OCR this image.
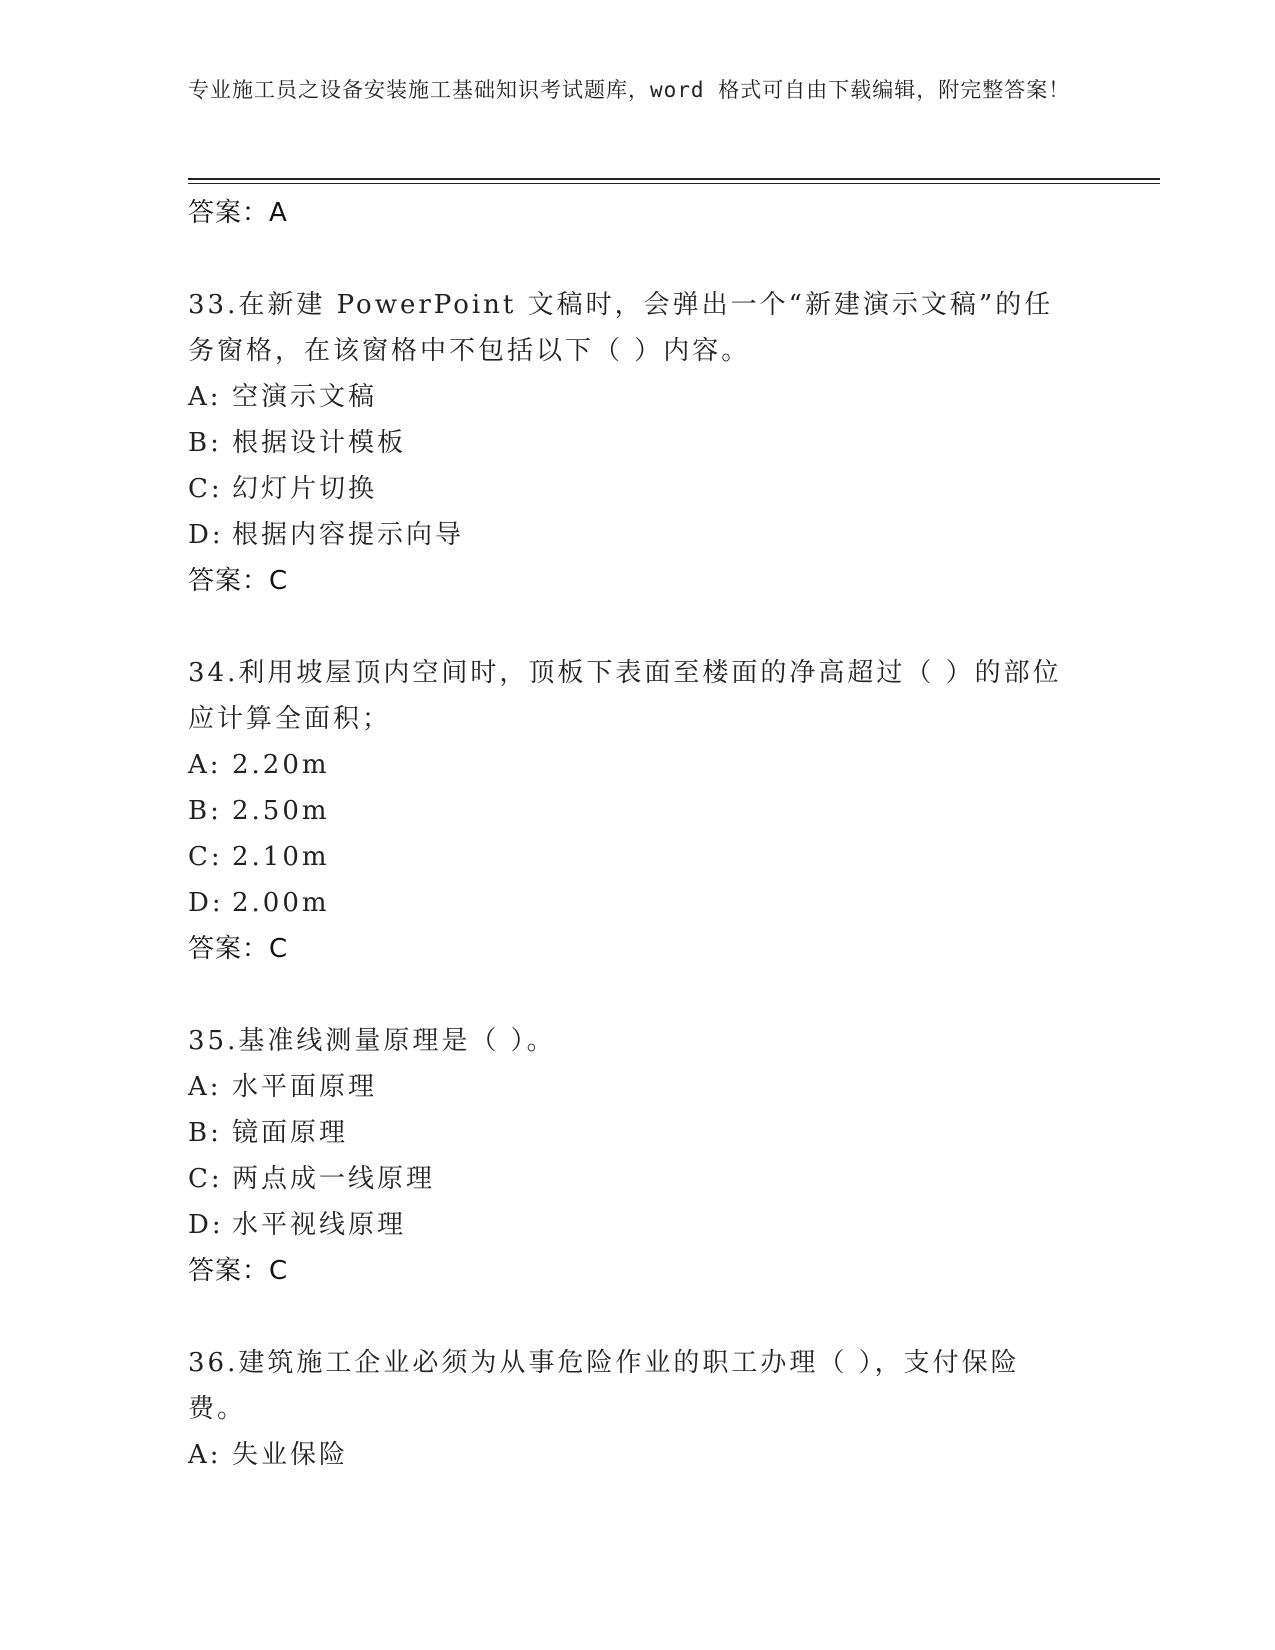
专业施工员之设备安装施工基础知识考试题库，word 格式可自由下载编辑，附完整答案！
答案：A
33.在新建 PowerPoint 文稿时，会弹出一个“新建演示文稿”的任务窗格，在该窗格中不包括以下（ ）内容。
A: 空演示文稿
B: 根据设计模板
C: 幻灯片切换
D: 根据内容提示向导
答案：C
34.利用坡屋顶内空间时，顶板下表面至楼面的净高超过（ ）的部位应计算全面积；
A: 2.20m
B: 2.50m
C: 2.10m
D: 2.00m
答案：C
35.基准线测量原理是（ ）。
A: 水平面原理
B: 镜面原理
C: 两点成一线原理
D: 水平视线原理
答案：C
36.建筑施工企业必须为从事危险作业的职工办理（ ），支付保险费。
A: 失业保险
